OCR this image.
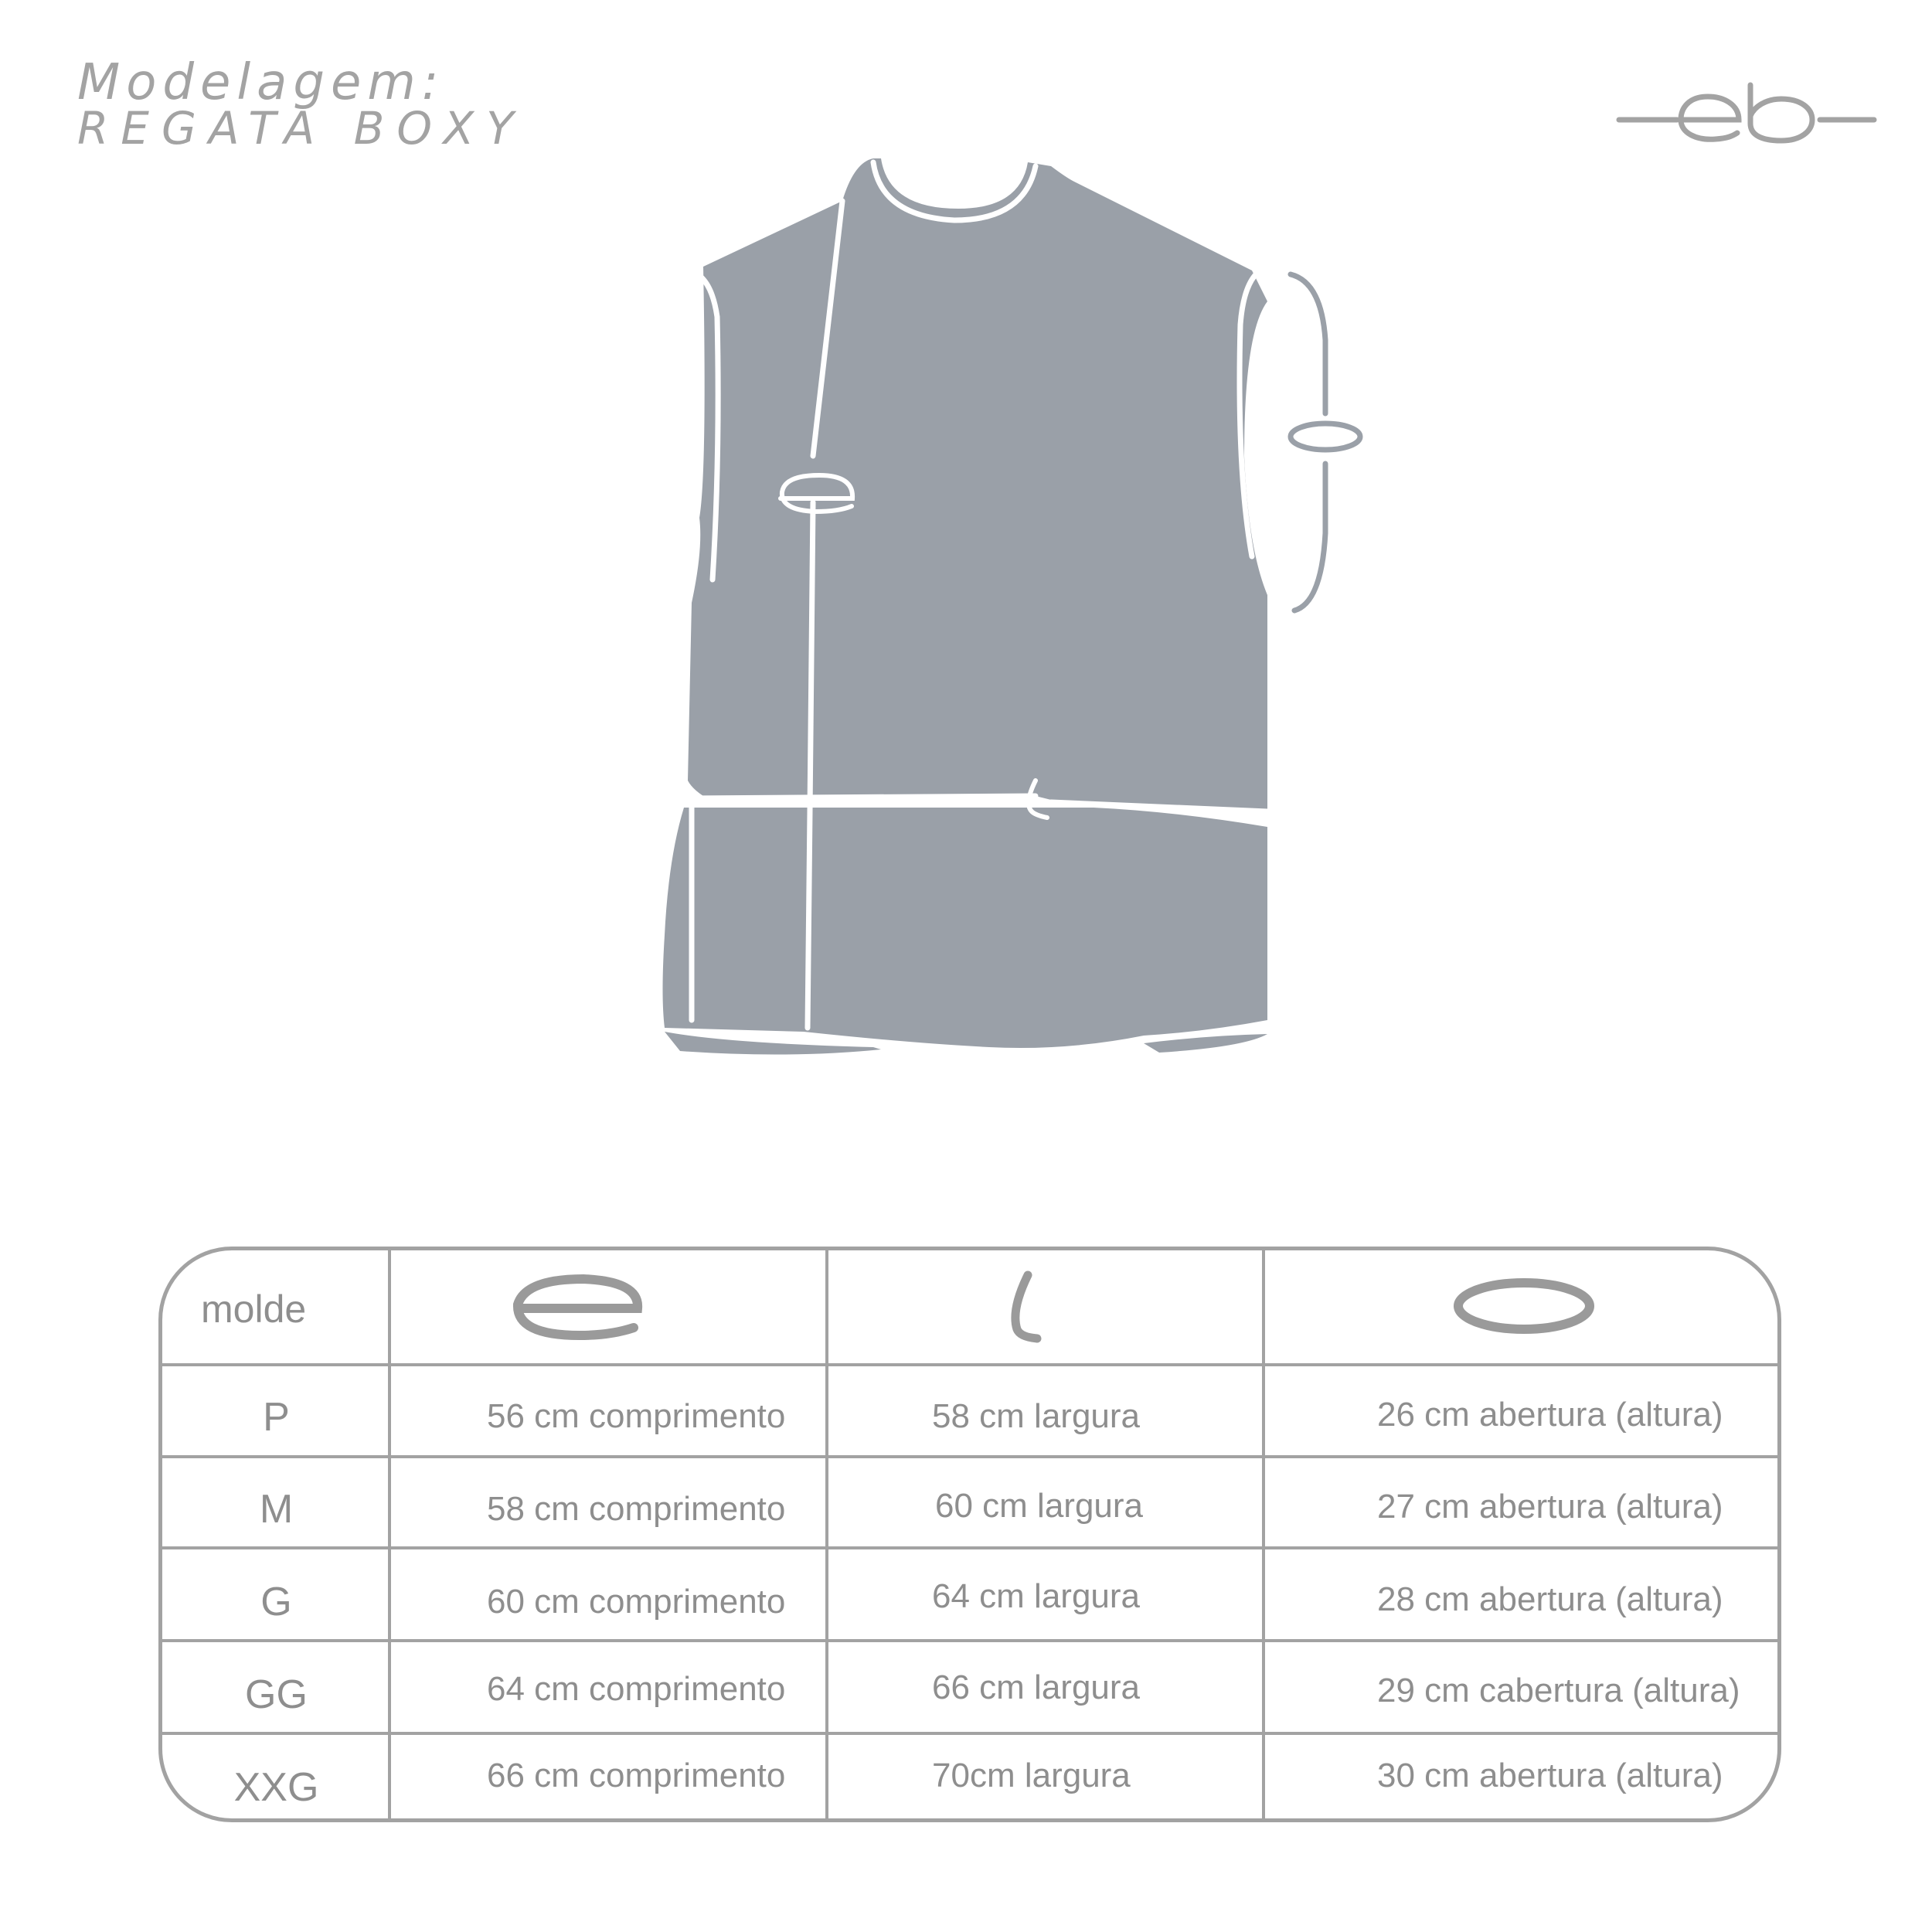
Modelagem:
REGATA BOXY
molde
P	56 cm comprimento	58 cm largura	26 cm abertura (altura)
M	58 cm comprimento	60 cm largura	27 cm abertura (altura)
G	60 cm comprimento	64 cm largura	28 cm abertura (altura)
GG	64 cm comprimento	66 cm largura	29 cm cabertura (altura)
XXG	66 cm comprimento	70cm largura	30 cm abertura (altura)
